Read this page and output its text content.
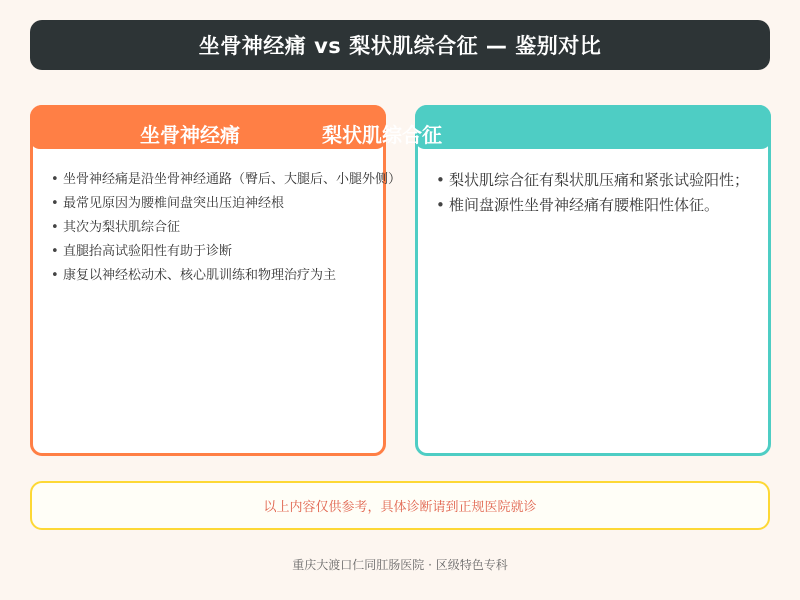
坐骨神经痛 vs 梨状肌综合征 — 鉴别对比
坐骨神经痛
• 坐骨神经痛是沿坐骨神经通路（臀后、大腿后、小腿外侧）
• 最常见原因为腰椎间盘突出压迫神经根
• 其次为梨状肌综合征
• 直腿抬高试验阳性有助于诊断
• 康复以神经松动术、核心肌训练和物理治疗为主
梨状肌综合征
• 梨状肌综合征有梨状肌压痛和紧张试验阳性；
• 椎间盘源性坐骨神经痛有腰椎阳性体征。
以上内容仅供参考，具体诊断请到正规医院就诊
重庆大渡口仁同肛肠医院 · 区级特色专科
